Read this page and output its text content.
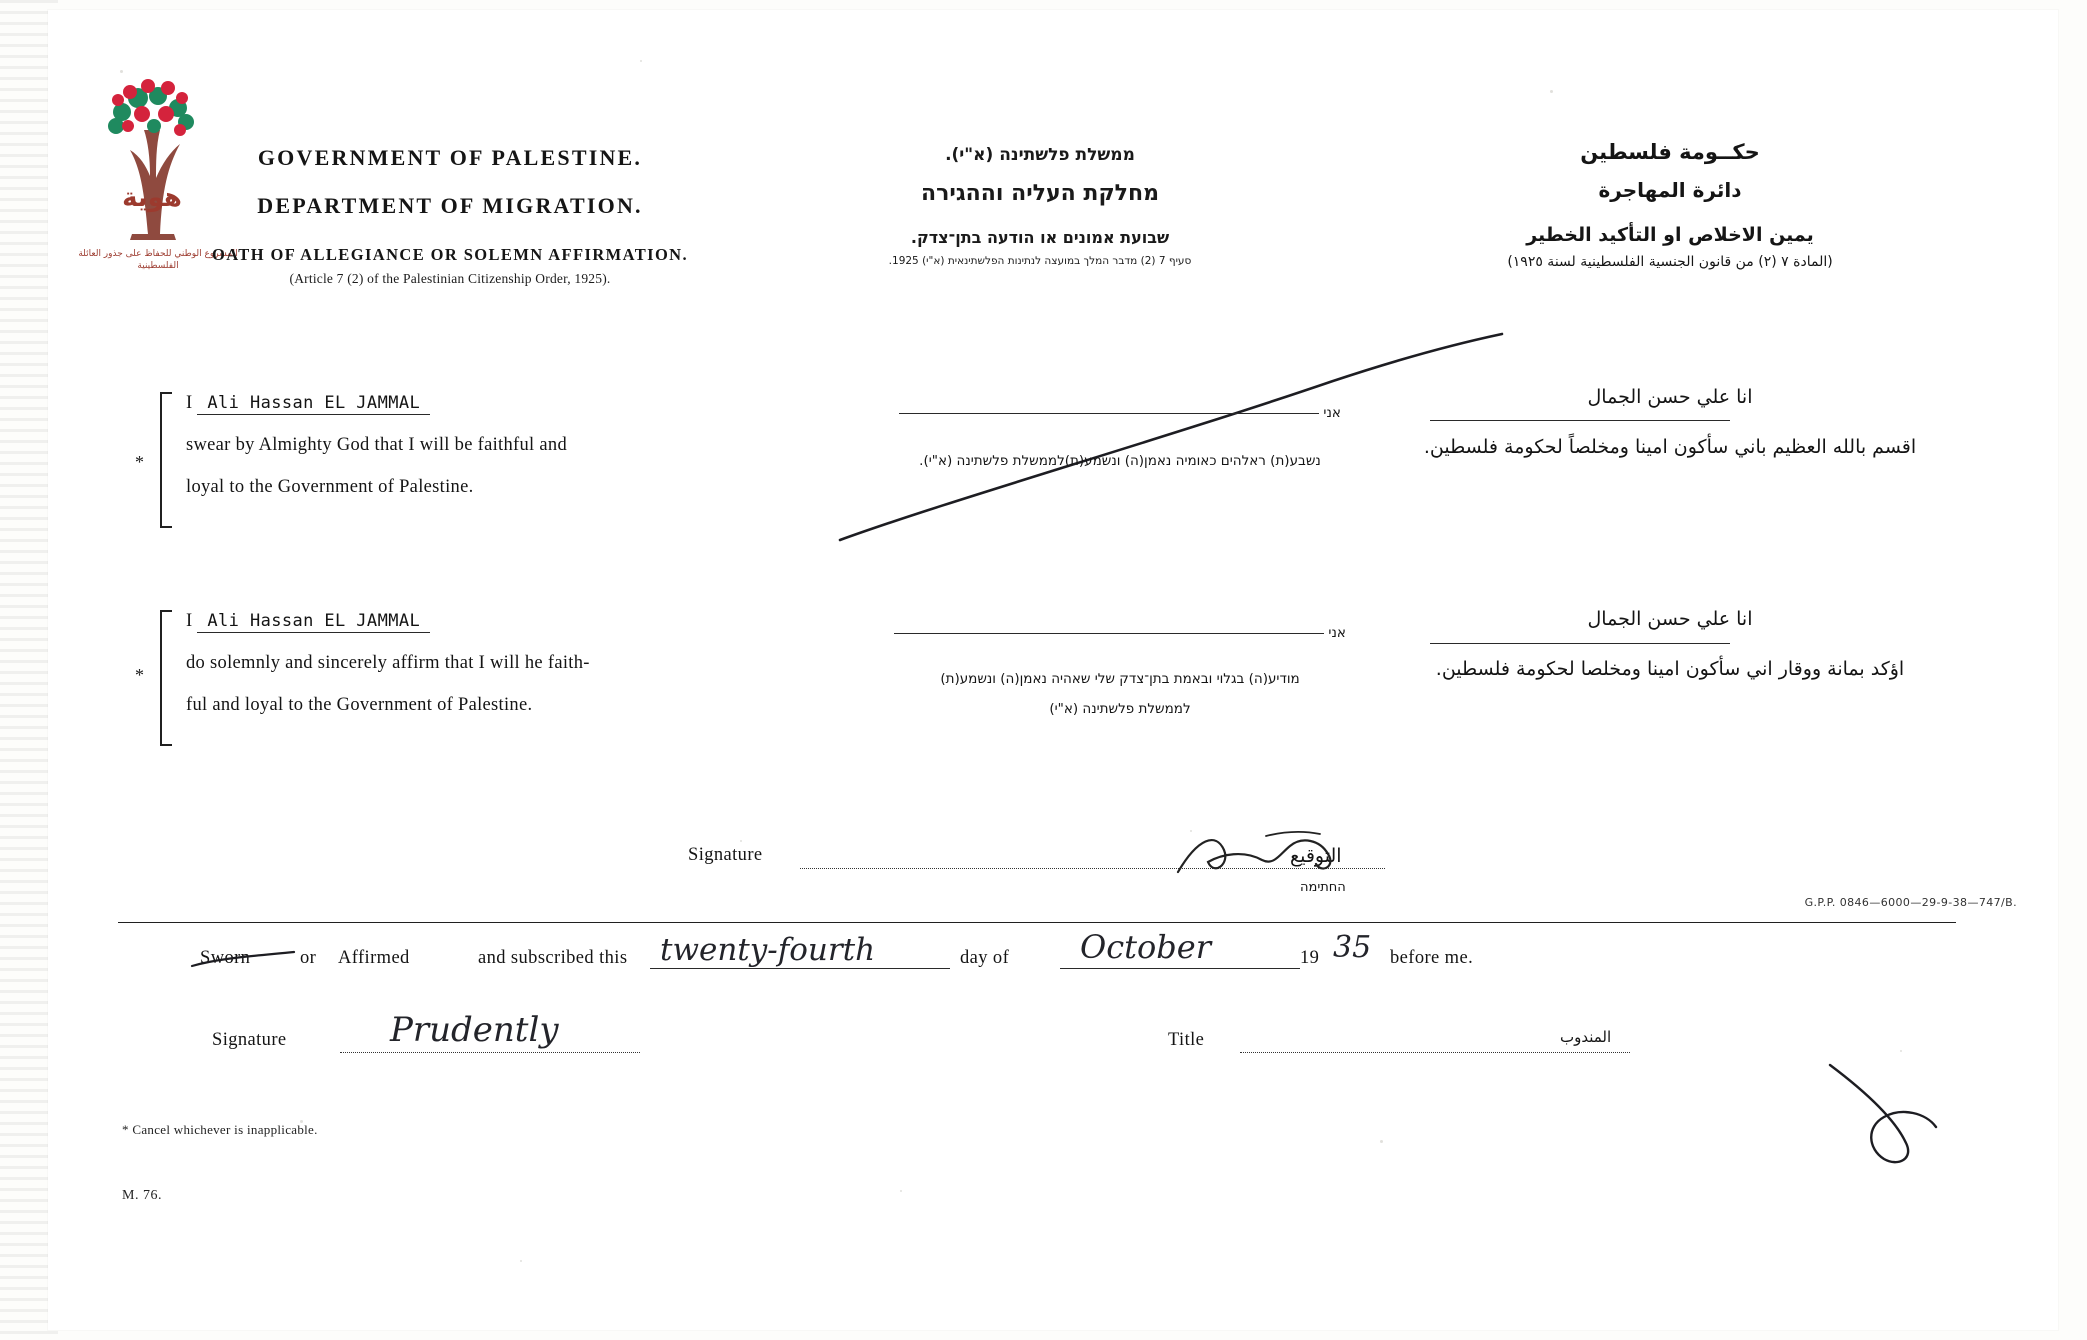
هوية
المشروع الوطني للحفاظ على جذور العائلة الفلسطينية
GOVERNMENT OF PALESTINE.
DEPARTMENT OF MIGRATION.
OATH OF ALLEGIANCE OR SOLEMN AFFIRMATION.
(Article 7 (2) of the Palestinian Citizenship Order, 1925).
ממשלת פלשתינה (א"י).
מחלקת העליה וההגירה
שבועת אמונים או הודעה בתן־צדק.
סעיף 7 (2) מדבר המלך במועצה לנתינות הפלשתינאית (א"י) 1925.
حكــومة فلسطين
دائرة المهاجرة
يمين الاخلاص او التأكيد الخطير
(المادة ٧ (٢) من قانون الجنسية الفلسطينية لسنة ١٩٢٥)
*
I Ali Hassan EL JAMMAL
swear by Almighty God that I will be faithful and
loyal to the Government of Palestine.
אני
נשבע(ת) ראלהים כאומיה נאמן(ה) ונשמע(ת)לממשלת פלשתינה (א"י).
انا علي حسن الجمال
اقسم بالله العظيم باني سأكون امينا ومخلصاً لحكومة فلسطين.
*
I Ali Hassan EL JAMMAL
do solemnly and sincerely affirm that I will he faith-
ful and loyal to the Government of Palestine.
אני
מודיע(ה) בגלוי ובאמת בתן־צדק שלי שאהיה נאמן(ה) ונשמע(ת)
לממשלת פלשתינה (א"י)
انا علي حسن الجمال
اؤكد بمانة ووقار اني سأكون امينا ومخلصا لحكومة فلسطين.
Signature	التوقيع
החתימה
G.P.P. 0846—6000—29-9-38—747/B.
Sworn	or Affirmed	and subscribed this twenty-fourth	day of October	19 35 before me.
Signature	Prudently	Title	المندوب
* Cancel whichever is inapplicable.
M. 76.
